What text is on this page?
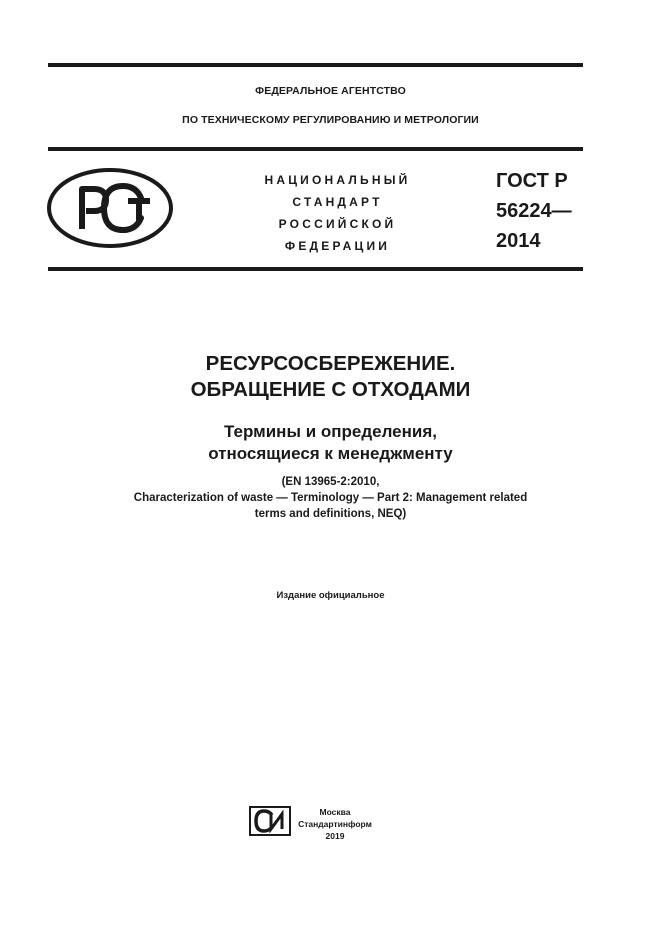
ФЕДЕРАЛЬНОЕ АГЕНТСТВО
ПО ТЕХНИЧЕСКОМУ РЕГУЛИРОВАНИЮ И МЕТРОЛОГИИ
НАЦИОНАЛЬНЫЙ
СТАНДАРТ
РОССИЙСКОЙ
ФЕДЕРАЦИИ
ГОСТ Р
56224—
2014
РЕСУРСОСБЕРЕЖЕНИЕ.
ОБРАЩЕНИЕ С ОТХОДАМИ
Термины и определения,
относящиеся к менеджменту
(EN 13965-2:2010,
Characterization of waste — Terminology — Part 2: Management related
terms and definitions, NEQ)
Издание официальное
Москва
Стандартинформ
2019
